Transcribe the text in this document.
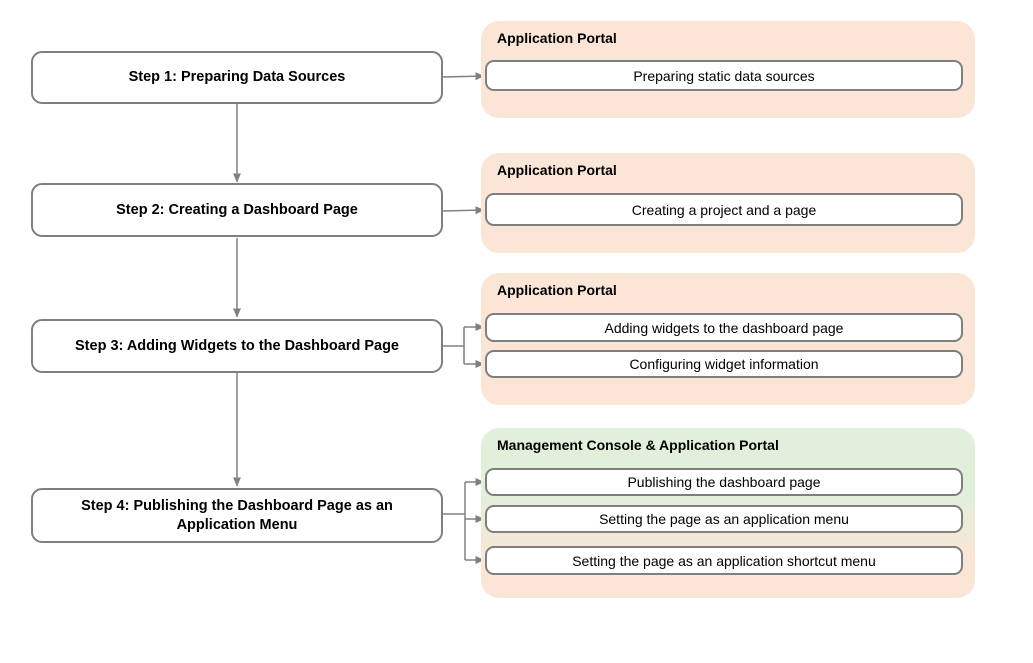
Step 1: Preparing Data Sources
Step 2: Creating a Dashboard Page
Step 3: Adding Widgets to the Dashboard Page
Step 4: Publishing the Dashboard Page as an Application Menu
Application Portal
Preparing static data sources
Application Portal
Creating a project and a page
Application Portal
Adding widgets to the dashboard page
Configuring widget information
Management Console & Application Portal
Publishing the dashboard page
Setting the page as an application menu
Setting the page as an application shortcut menu
